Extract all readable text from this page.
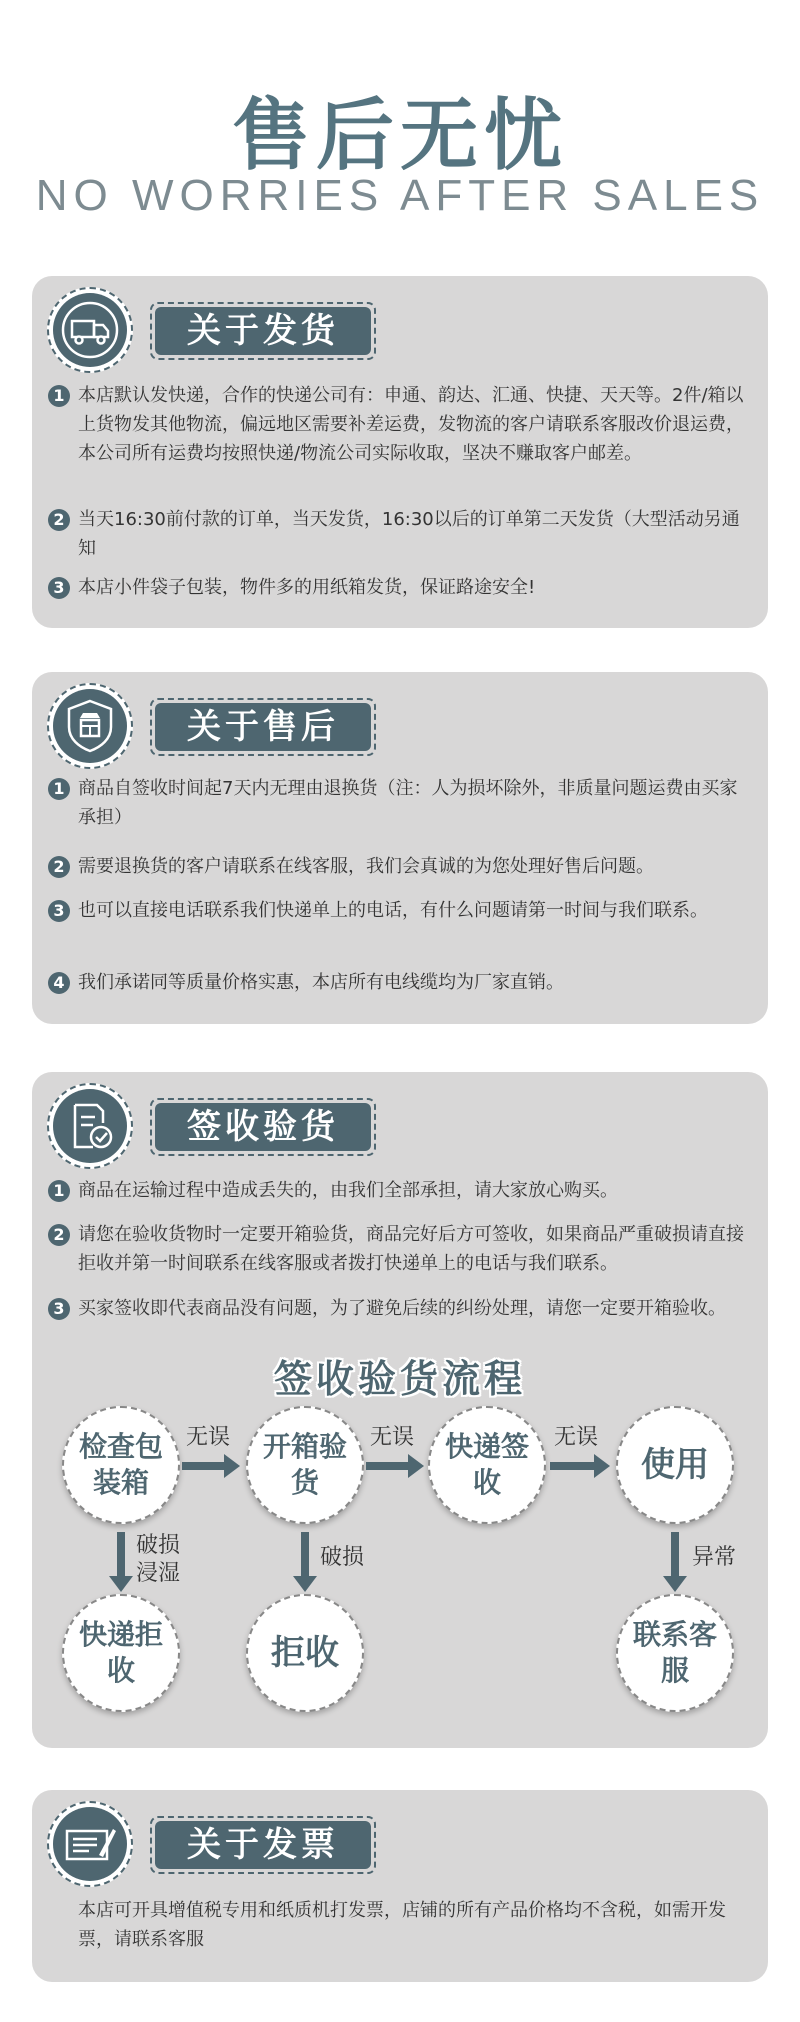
售后无忧
NO WORRIES AFTER SALES
关于发货
1 本店默认发快递，合作的快递公司有：申通、韵达、汇通、快捷、天天等。2件/箱以上货物发其他物流，偏远地区需要补差运费，发物流的客户请联系客服改价退运费，本公司所有运费均按照快递/物流公司实际收取，坚决不赚取客户邮差。
2 当天16:30前付款的订单，当天发货，16:30以后的订单第二天发货（大型活动另通知
3 本店小件袋子包装，物件多的用纸箱发货，保证路途安全!
关于售后
1 商品自签收时间起7天内无理由退换货（注：人为损坏除外，非质量问题运费由买家承担）
2 需要退换货的客户请联系在线客服，我们会真诚的为您处理好售后问题。
3 也可以直接电话联系我们快递单上的电话，有什么问题请第一时间与我们联系。
4 我们承诺同等质量价格实惠，本店所有电线缆均为厂家直销。
签收验货
1 商品在运输过程中造成丢失的，由我们全部承担，请大家放心购买。
2 请您在验收货物时一定要开箱验货，商品完好后方可签收，如果商品严重破损请直接拒收并第一时间联系在线客服或者拨打快递单上的电话与我们联系。
3 买家签收即代表商品没有问题，为了避免后续的纠纷处理，请您一定要开箱验收。
签收验货流程
检查包装箱
开箱验货
快递签收	使用
无误	无误	无误
破损浸湿
破损	异常
快递拒收	拒收	联系客服
关于发票
本店可开具增值税专用和纸质机打发票，店铺的所有产品价格均不含税，如需开发票，请联系客服
